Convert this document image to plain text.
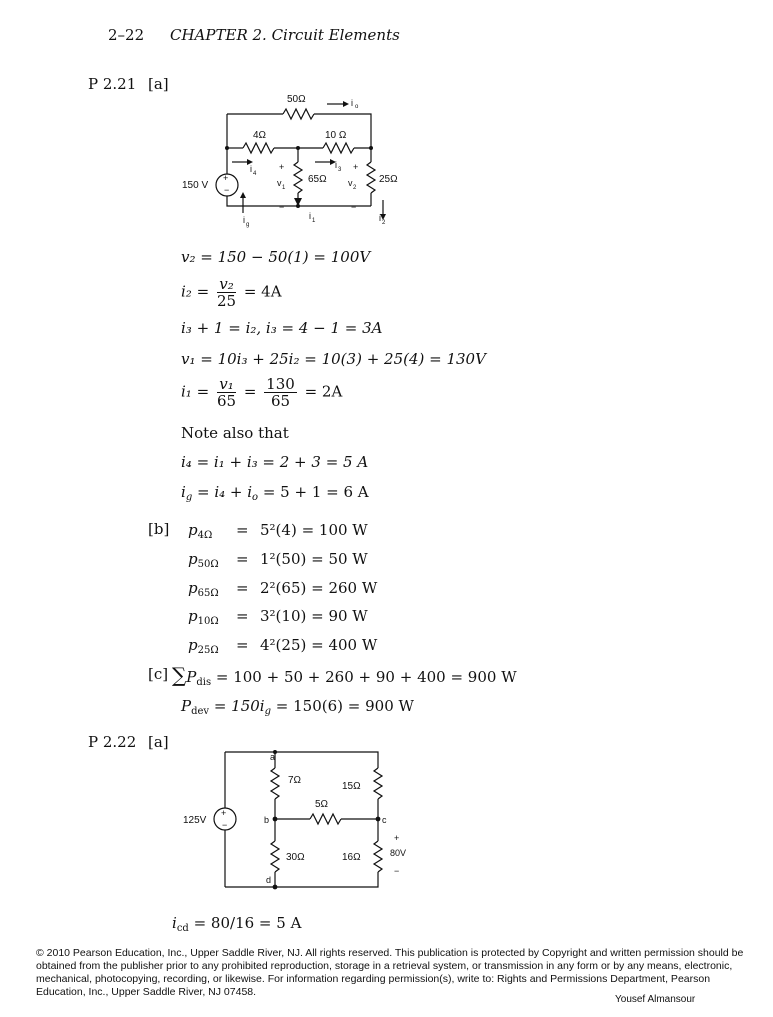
2–22 CHAPTER 2. Circuit Elements
P 2.21 [a]
50Ω
4Ω	10 Ω
65Ω	25Ω
150 V
+
−
i o
i 4
i 3
i g
i 1	i 2
+
v 1
−
+
v 2
−
v₂ = 150 − 50(1) = 100V
$i_2 = \frac{\text{v₂}}{25} = 4A$
i₃ + 1 = i₂, i₃ = 4 − 1 = 3A
v₁ = 10i₃ + 25i₂ = 10(3) + 25(4) = 130V
$i_1 = \frac{\text{v₁}}{65} = \frac{130}{65} = 2A$
Note also that
i₄ = i₁ + i₃ = 2 + 3 = 5 A
$i_g = i_4 + i_o = 5 + 1 = 6$ A
[b] $p_{4\Omega} = 5^2(4) = 100$ W
$p_{50\Omega} = 1^2(50) = 50$ W
$p_{65\Omega} = 2^2(65) = 260$ W
$p_{10\Omega} = 3^2(10) = 90$ W
$p_{25\Omega} = 4^2(25) = 400$ W
[c] $\sum P_{dis} = 100 + 50 + 260 + 90 + 400 = 900$ W
$P_{dev} = 150i_g = 150(6) = 900$ W
P 2.22 [a]
a
b	c
d
7Ω
15Ω
5Ω
30Ω	16Ω
125V
+
−
+
80V
−
$i_{cd} = 80/16 = 5$ A
© 2010 Pearson Education, Inc., Upper Saddle River, NJ. All rights reserved. This publication is protected by Copyright and written permission should be obtained from the publisher prior to any prohibited reproduction, storage in a retrieval system, or transmission in any form or by any means, electronic, mechanical, photocopying, recording, or likewise. For information regarding permission(s), write to: Rights and Permissions Department, Pearson Education, Inc., Upper Saddle River, NJ 07458.
Yousef Almansour
